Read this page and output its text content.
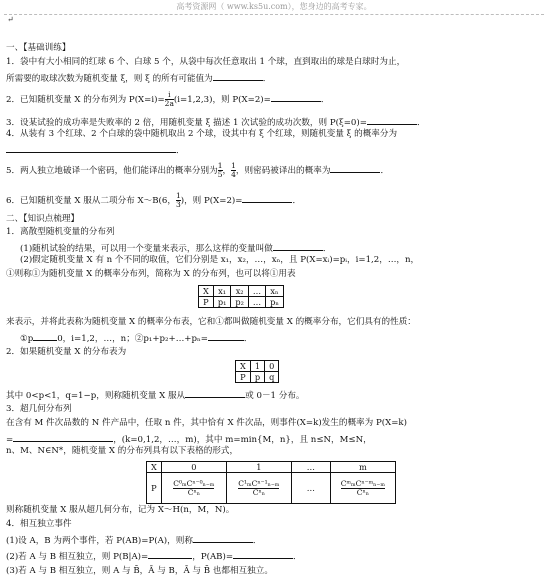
高考资源网（ www.ks5u.com），您身边的高考专家。
↵
一、【基础训练】
1．袋中有大小相同的红球 6 个、白球 5 个，从袋中每次任意取出 1 个球，直到取出的球是白球时为止，
所需要的取球次数为随机变量 ξ，则 ξ 的所有可能值为	．
2．已知随机变量 X 的分布列为 $P(X=i)= \frac{i}{2a} (i=1,2,3)$，则 P(X=2)=	．
3．设某试验的成功率是失败率的 2 倍，用随机变量 ξ 描述 1 次试验的成功次数，则 P(ξ=0)=	．
4．从装有 3 个红球、2 个白球的袋中随机取出 2 个球，设其中有 ξ 个红球，则随机变量 ξ 的概率分为
．
5．两人独立地破译一个密码，他们能译出的概率分别为 $\frac{1}{5}$ ， $\frac{1}{4}$ ，则密码被译出的概率为	．
6．已知随机变量 X 服从二项分布 X～B(6， $\frac{1}{3}$ )，则 P(X=2)=	．
二、【知识点梳理】
1．离散型随机变量的分布列
(1)随机试验的结果，可以用一个变量来表示，那么这样的变量叫做	．
(2)假定随机变量 X 有 n 个不同的取值，它们分别是 x₁，x₂，…，xₙ，且 P(X=xᵢ)=pᵢ，i=1,2，…，n，
①则称①为随机变量 X 的概率分布列，简称为 X 的分布列，也可以将①用表
X	x₁	x₂	…	xₙ
P	p₁	p₂	…	pₙ
来表示，并将此表称为随机变量 X 的概率分布表，它和①都叫做随机变量 X 的概率分布，它们具有的性质：
①p	0，i=1,2，…，n；②p₁+p₂+…+pₙ=	．
2．如果随机变量 X 的分布表为
X	1	0
P	p	q
其中 0<p<1，q=1−p，则称随机变量 X 服从	或 0－1 分布。
3．超几何分布列
在含有 M 件次品数的 N 件产品中，任取 n 件，其中恰有 X 件次品，则事件(X=k)发生的概率为 P(X=k)
=	，(k=0,1,2，…，m)，其中 m=min{M，n}，且 n≤N，M≤N，
n、M、N∈N*，随机变量 X 的分布列具有以下表格的形式，
X	0	1	…	m
P	$\frac{\text{C⁰ₘCⁿ⁻⁰ₙ₋ₘ}}{\text{Cⁿₙ}}$	$\frac{\text{C¹ₘCⁿ⁻¹ₙ₋ₘ}}{\text{Cⁿₙ}}$	…	$\frac{\text{CᵐₘCⁿ⁻ᵐₙ₋ₘ}}{\text{Cⁿₙ}}$
则称随机变量 X 服从超几何分布，记为 X～H(n，M，N)。
4．相互独立事件
(1)设 A，B 为两个事件，若 P(AB)=P(A)，则称	．
(2)若 A 与 B 相互独立，则 P(B|A)=	，P(AB)=	．
(3)若 A 与 B 相互独立，则 A 与 B̄，Ā 与 B，Ā 与 B̄ 也都相互独立。
